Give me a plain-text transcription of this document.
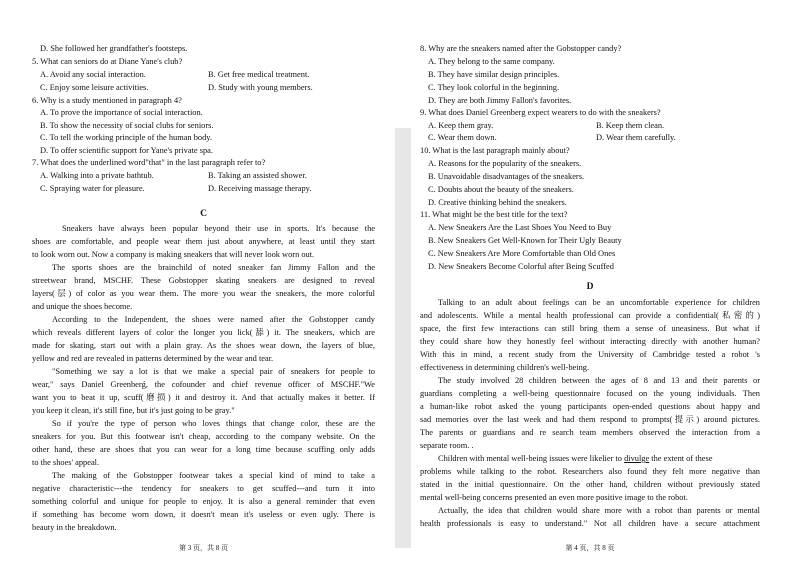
D. She followed her grandfather's footsteps.
5. What can seniors do at Diane Yane's club?
A. Avoid any social interaction.	B. Get free medical treatment.
C. Enjoy some leisure activities.	D. Study with young members.
6. Why is a study mentioned in paragraph 4?
A. To prove the importance of social interaction.
B. To show the necessity of social clubs for seniors.
C. To tell the working principle of the human body.
D. To offer scientific support for Yane's private spa.
7. What does the underlined word"that" in the last paragraph refer to?
A. Walking into a private bathtub.	B. Taking an assisted shower.
C. Spraying water for pleasure.	D. Receiving massage therapy.
C
Sneakers have always been popular beyond their use in sports. It's because the
shoes are comfortable, and people wear them just about anywhere, at least until they start
to look worn out. Now a company is making sneakers that will never look worn out.
The sports shoes are the brainchild of noted sneaker fan Jimmy Fallon and the
streetwear brand, MSCHF. These Gobstopper skating sneakers are designed to reveal
layers(层) of color as you wear them. The more you wear the sneakers, the more colorful
and unique the shoes become.
According to the Independent, the shoes were named after the Gobstopper candy
which reveals different layers of color the longer you lick(舔) it. The sneakers, which are
made for skating, start out with a plain gray. As the shoes wear down, the layers of blue,
yellow and red are revealed in patterns determined by the wear and tear.
"Something we say a lot is that we make a special pair of sneakers for people to
wear," says Daniel Greenberǵ, the cofounder and chief revenue officer of MSCHF."We
want you to beat it up, scuff(磨损) it and destroy it. And that actually makes it better. If
you keep it clean, it's still fine, but it's just going to be gray."
So if you're the type of person who loves things that change color, these are the
sneakers for you. But this footwear isn't cheap, according to the company website. On the
other hand, these are shoes that you can wear for a long time because scuffing only adds
to the shoes' appeal.
The making of the Gobstopper footwear takes a special kind of mind to take a
negative characteristic---the tendency for sneakers to get scuffed---and turn it into
something colorful and unique for people to enjoy. It is also a general reminder that even
if something has become worn down, it doesn't mean it's useless or even ugly. There is
beauty in the breakdown.
第 3 页，共 8 页
8. Why are the sneakers named after the Gobstopper candy?
A. They belong to the same company.
B. They have similar design principles.
C. They look colorful in the beginning.
D. They are both Jimmy Fallon's favorites.
9. What does Daniel Greenberg expect wearers to do with the sneakers?
A. Keep them gray.	B. Keep them clean.
C. Wear them down.	D. Wear them carefully.
10. What is the last paragraph mainly about?
A. Reasons for the popularity of the sneakers.
B. Unavoidable disadvantages of the sneakers.
C. Doubts about the beauty of the sneakers.
D. Creative thinking behind the sneakers.
11. What might be the best title for the text?
A. New Sneakers Are the Last Shoes You Need to Buy
B. New Sneakers Get Well-Known for Their Ugly Beauty
C. New Sneakers Are More Comfortable than Old Ones
D. New Sneakers Become Colorful after Being Scuffed
D
Talking to an adult about feelings can be an uncomfortable experience for children
and adolescents. While a mental health professional can provide a confidential(私密的)
space, the first few interactions can still bring them a sense of uneasiness. But what if
they could share how they honestly feel without interacting directly with another human?
With this in mind, a recent study from the University of Cambridge tested a robot 's
effectiveness in determining children's well-being.
The study involved 28 children between the ages of 8 and 13 and their parents or
guardians completing a well-being questionnaire focused on the young individuals. Then
a human-like robot asked the young participants open-ended questions about happy and
sad memories over the last week and had them respond to prompts(提示) around pictures.
The parents or guardians and re search team members observed the interaction from a
separate room. .
Children with mental well-being issues were likelier to divulge the extent of these
problems while talking to the robot. Researchers also found they felt more negative than
stated in the initial questionnaire. On the other hand, children without previously stated
mental well-being concerns presented an even more positive image to the robot.
Actually, the idea that children would share more with a robot than parents or mental
health professionals is easy to understand." Not all children have a secure attachment
第 4 页，共 8 页
